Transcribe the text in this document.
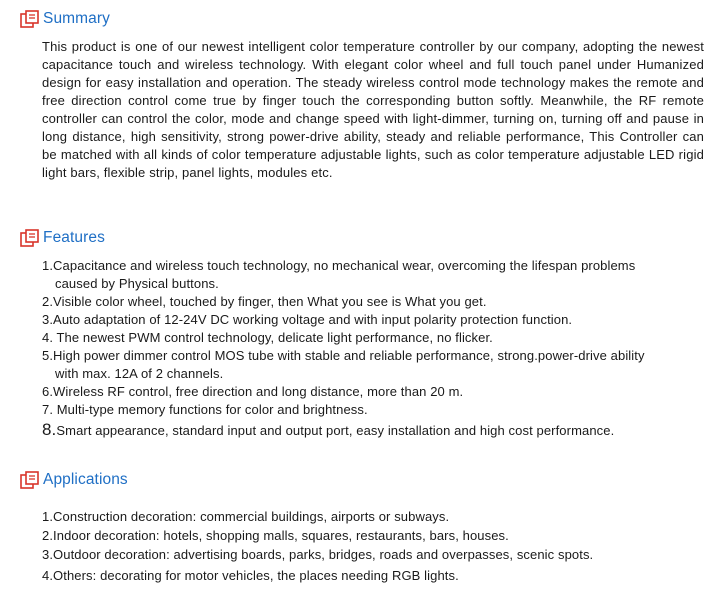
Summary
This product is one of our newest intelligent color temperature controller by our company, adopting the newest capacitance touch and wireless technology. With elegant color wheel and full touch panel under Humanized design for easy installation and operation. The steady wireless control mode technology makes the remote and free direction control come true by finger touch the corresponding button softly. Meanwhile, the RF remote controller can control the color, mode and change speed with light-dimmer, turning on, turning off and pause in long distance, high sensitivity, strong power-drive ability, steady and reliable performance, This Controller can be matched with all kinds of color temperature adjustable lights, such as color temperature adjustable LED rigid light bars, flexible strip, panel lights, modules etc.
Features
1.Capacitance and wireless touch technology, no mechanical wear, overcoming the lifespan problems
caused by Physical buttons.
2.Visible color wheel, touched by finger, then What you see is What you get.
3.Auto adaptation of 12-24V DC working voltage and with input polarity protection function.
4. The newest PWM control technology, delicate light performance, no flicker.
5.High power dimmer control MOS tube with stable and reliable performance, strong.power-drive ability
with max. 12A of 2 channels.
6.Wireless RF control, free direction and long distance, more than 20 m.
7. Multi-type memory functions for color and brightness.
8.Smart appearance, standard input and output port, easy installation and high cost performance.
Applications
1.Construction decoration: commercial buildings, airports or subways.
2.Indoor decoration: hotels, shopping malls, squares, restaurants, bars, houses.
3.Outdoor decoration: advertising boards, parks, bridges, roads and overpasses, scenic spots.
4.Others: decorating for motor vehicles, the places needing RGB lights.
